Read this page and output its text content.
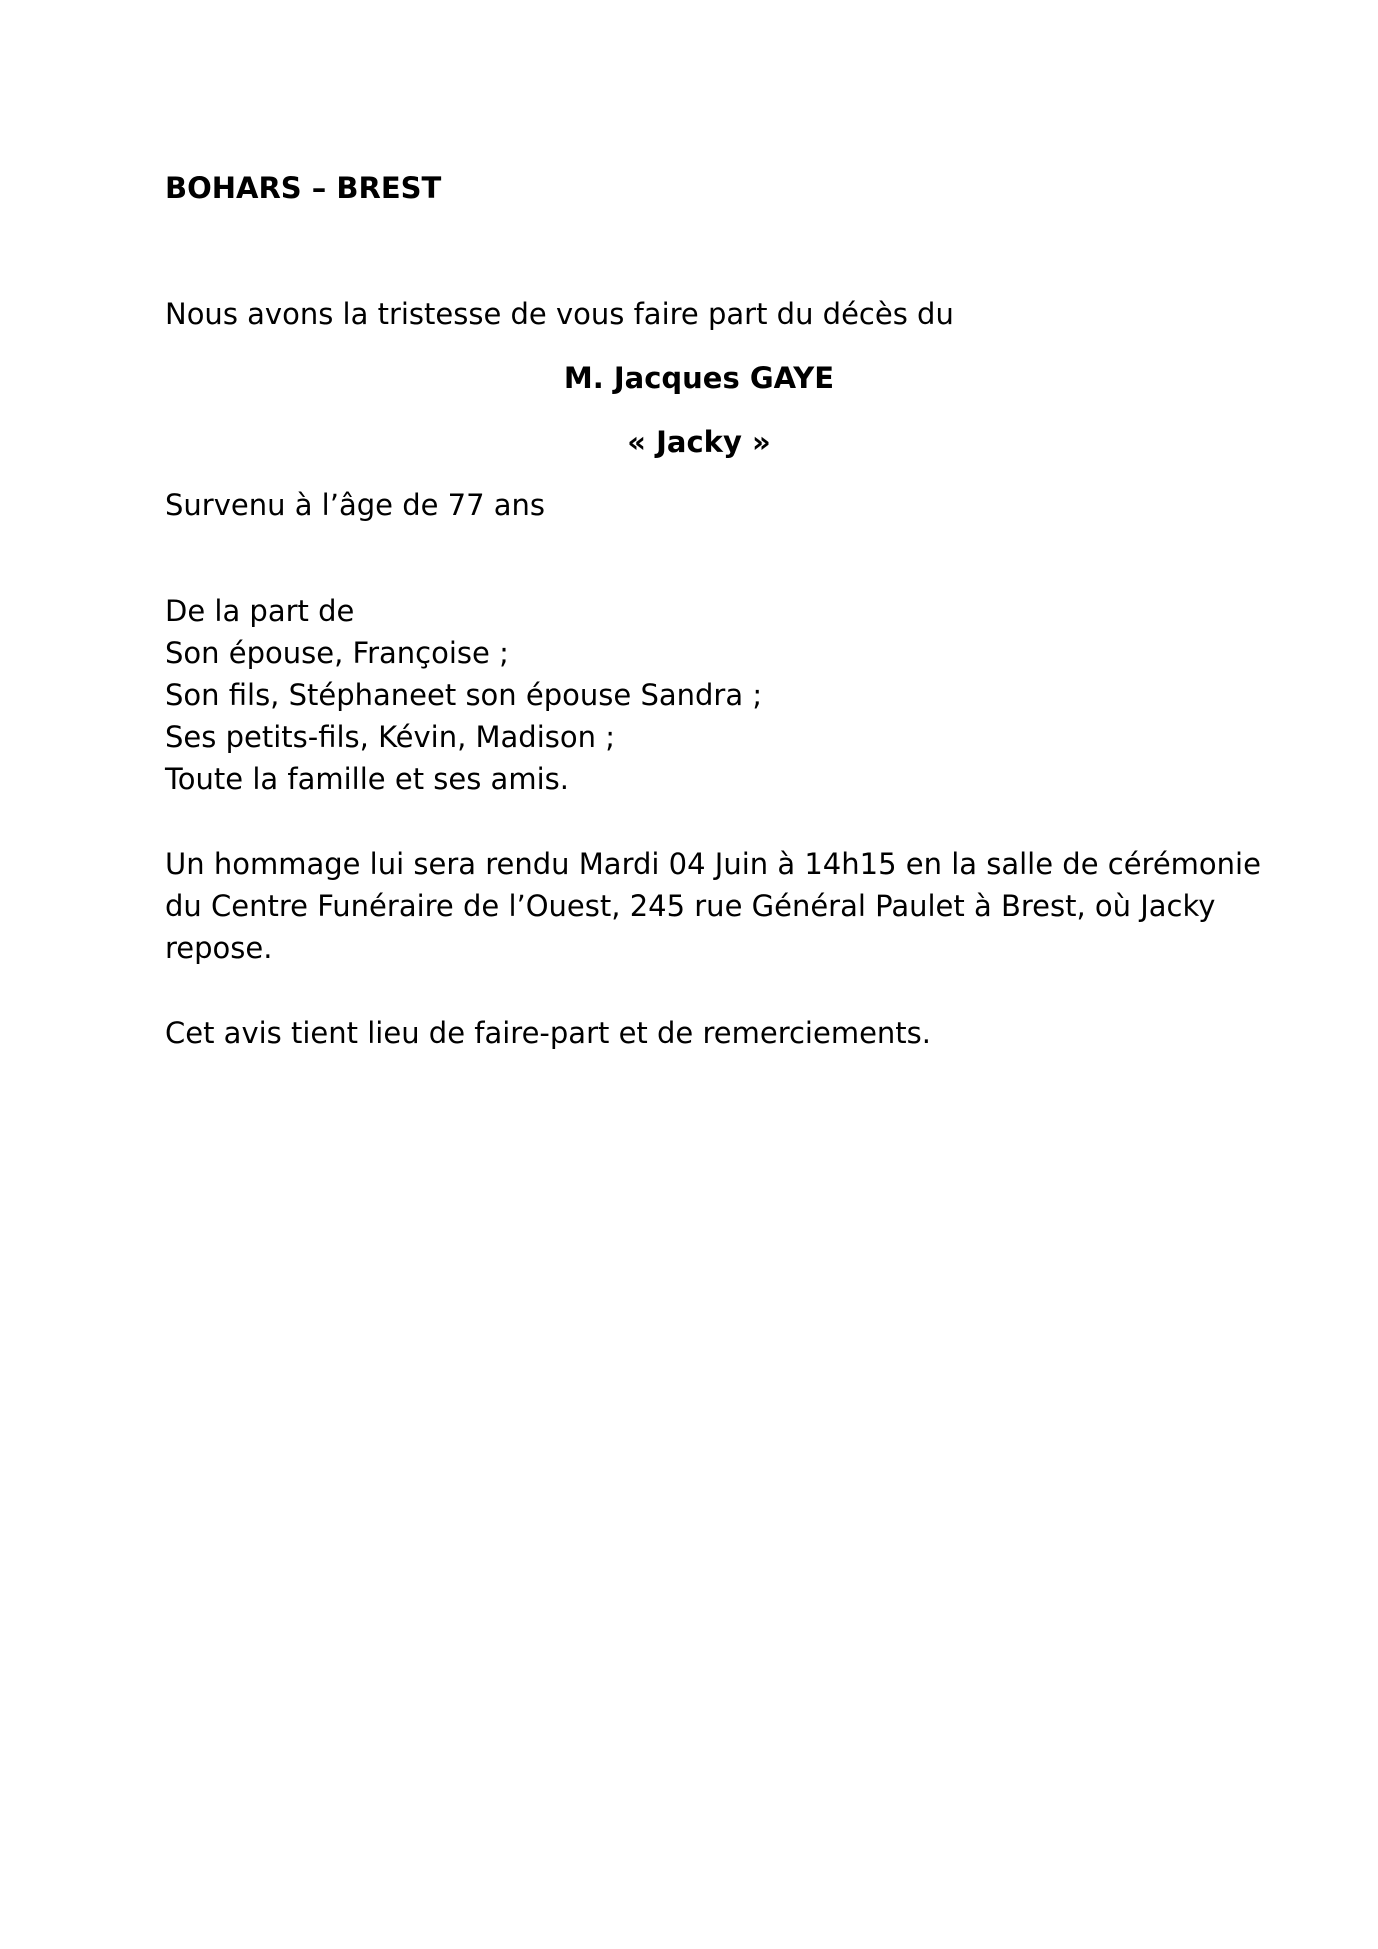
BOHARS – BREST

Nous avons la tristesse de vous faire part du décès du

M. Jacques GAYE

« Jacky »

Survenu à l’âge de 77 ans

De la part de
Son épouse, Françoise ;
Son fils, Stéphaneet son épouse Sandra ;
Ses petits-fils, Kévin, Madison ;
Toute la famille et ses amis.
Un hommage lui sera rendu Mardi 04 Juin à 14h15 en la salle de cérémonie
du Centre Funéraire de l’Ouest, 245 rue Général Paulet à Brest, où Jacky
repose.

Cet avis tient lieu de faire-part et de remerciements.
